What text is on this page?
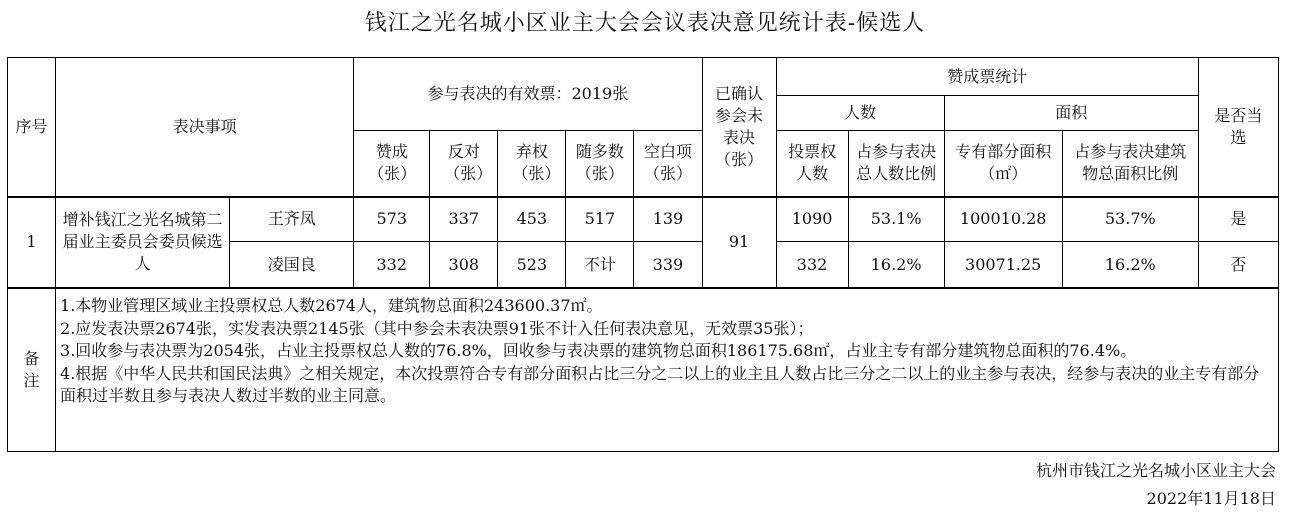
钱江之光名城小区业主大会会议表决意见统计表-候选人
序号	表决事项		参与表决的有效票：2019张					已确认参会未表决（张）	赞成票统计				是否当选
									人数		面积		
			赞成（张）	反对（张）	弃权（张）	随多数（张）	空白项（张）		投票权人数	占参与表决总人数比例	专有部分面积（㎡）	占参与表决建筑物总面积比例	
1	增补钱江之光名城第二届业主委员会委员候选人	王齐凤	573	337	453	517	139	91	1090	53.1%	100010.28	53.7%	是
		凌国良	332	308	523	不计	339		332	16.2%	30071.25	16.2%	否
备注	1.本物业管理区域业主投票权总人数2674人，建筑物总面积243600.37㎡。
2.应发表决票2674张，实发表决票2145张（其中参会未表决票91张不计入任何表决意见，无效票35张）；
3.回收参与表决票为2054张，占业主投票权总人数的76.8%，回收参与表决票的建筑物总面积186175.68㎡，占业主专有部分建筑物总面积的76.4%。
4.根据《中华人民共和国民法典》之相关规定，本次投票符合专有部分面积占比三分之二以上的业主且人数占比三分之二以上的业主参与表决，经参与表决的业主专有部分面积过半数且参与表决人数过半数的业主同意。												
杭州市钱江之光名城小区业主大会
2022年11月18日
